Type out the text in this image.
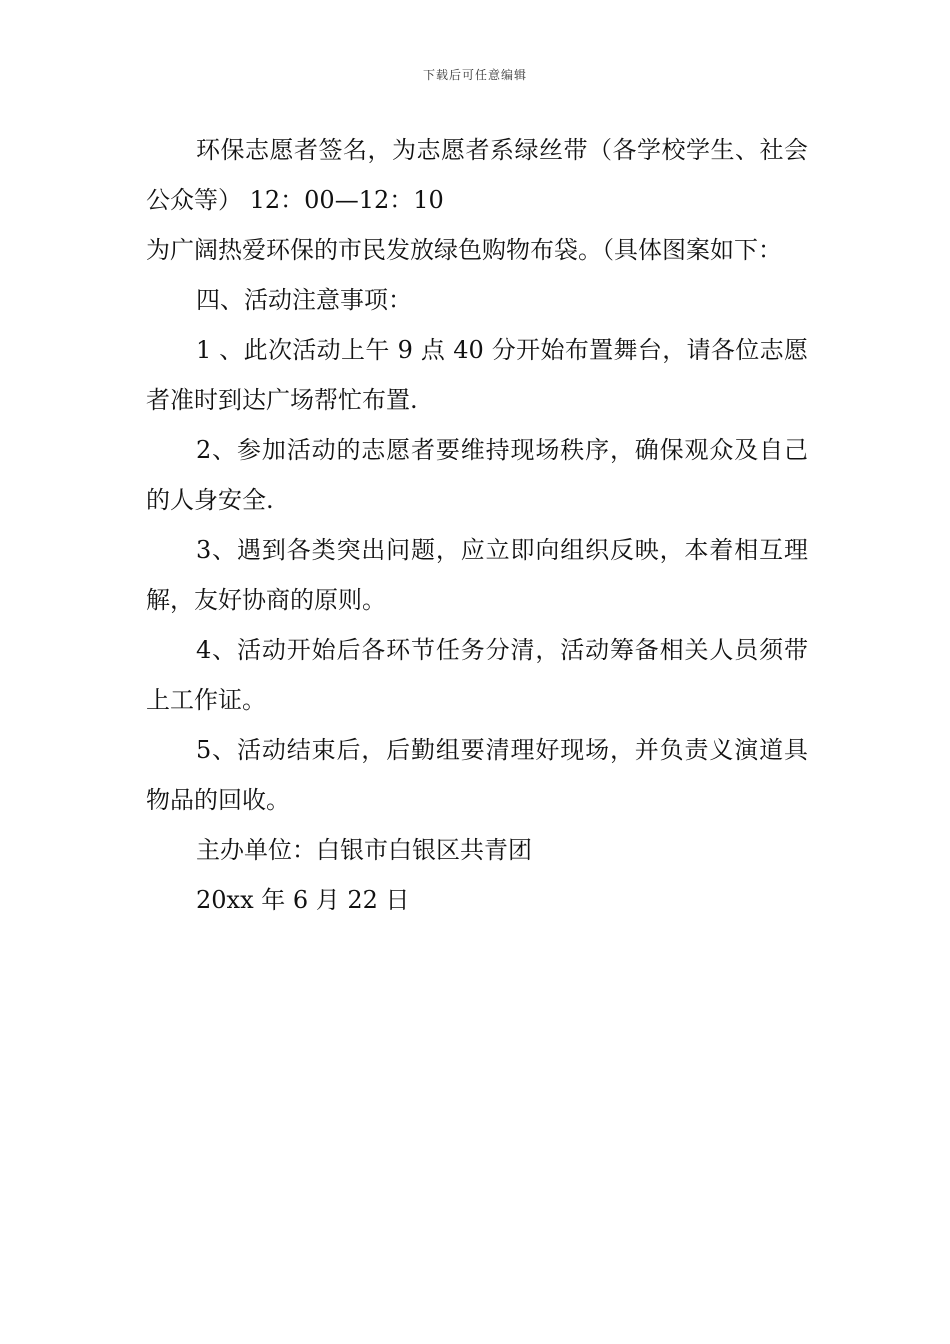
下载后可任意编辑

环保志愿者签名，为志愿者系绿丝带（各学校学生、社会公众等） 12：00—12：10

为广阔热爱环保的市民发放绿色购物布袋。（具体图案如下：

四、活动注意事项：

1 、此次活动上午 9 点 40 分开始布置舞台，请各位志愿者准时到达广场帮忙布置.

2、参加活动的志愿者要维持现场秩序，确保观众及自己的人身安全.

3、遇到各类突出问题，应立即向组织反映，本着相互理解，友好协商的原则。

4、活动开始后各环节任务分清，活动筹备相关人员须带上工作证。

5、活动结束后，后勤组要清理好现场，并负责义演道具物品的回收。

主办单位：白银市白银区共青团

20xx 年 6 月 22 日
